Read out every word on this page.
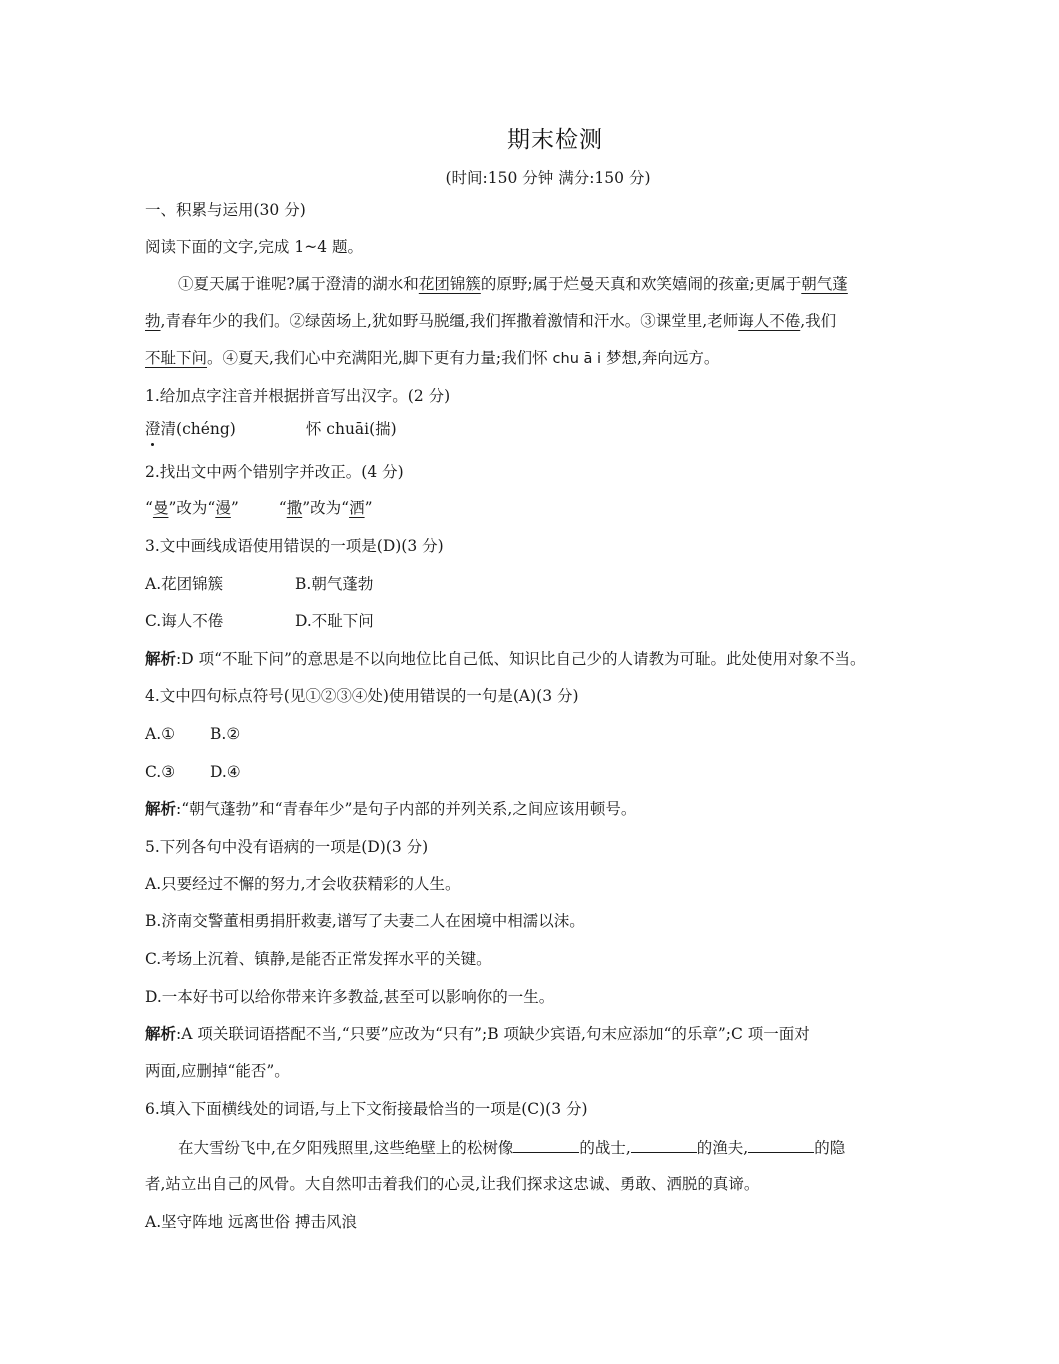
期末检测
(时间:150 分钟 满分:150 分)
一、积累与运用(30 分)
阅读下面的文字,完成 1~4 题。
①夏天属于谁呢?属于澄清的湖水和花团锦簇的原野;属于烂曼天真和欢笑嬉闹的孩童;更属于朝气蓬
勃,青春年少的我们。②绿茵场上,犹如野马脱缰,我们挥撒着激情和汗水。③课堂里,老师诲人不倦,我们
不耻下问。④夏天,我们心中充满阳光,脚下更有力量;我们怀 chu ā i 梦想,奔向远方。
1.给加点字注音并根据拼音写出汉字。(2 分)
澄清(chéng)	怀 chuāi(揣)
2.找出文中两个错别字并改正。(4 分)
“曼”改为“漫”	“撒”改为“洒”
3.文中画线成语使用错误的一项是(D)(3 分)
A.花团锦簇	B.朝气蓬勃
C.诲人不倦	D.不耻下问
解析:D 项“不耻下问”的意思是不以向地位比自己低、知识比自己少的人请教为可耻。此处使用对象不当。
4.文中四句标点符号(见①②③④处)使用错误的一句是(A)(3 分)
A.① B.②
C.③ D.④
解析:“朝气蓬勃”和“青春年少”是句子内部的并列关系,之间应该用顿号。
5.下列各句中没有语病的一项是(D)(3 分)
A.只要经过不懈的努力,才会收获精彩的人生。
B.济南交警董相勇捐肝救妻,谱写了夫妻二人在困境中相濡以沫。
C.考场上沉着、镇静,是能否正常发挥水平的关键。
D.一本好书可以给你带来许多教益,甚至可以影响你的一生。
解析:A 项关联词语搭配不当,“只要”应改为“只有”;B 项缺少宾语,句末应添加“的乐章”;C 项一面对
两面,应删掉“能否”。
6.填入下面横线处的词语,与上下文衔接最恰当的一项是(C)(3 分)
在大雪纷飞中,在夕阳残照里,这些绝壁上的松树像	的战士,	的渔夫,	的隐
者,站立出自己的风骨。大自然叩击着我们的心灵,让我们探求这忠诚、勇敢、洒脱的真谛。
A.坚守阵地 远离世俗 搏击风浪
